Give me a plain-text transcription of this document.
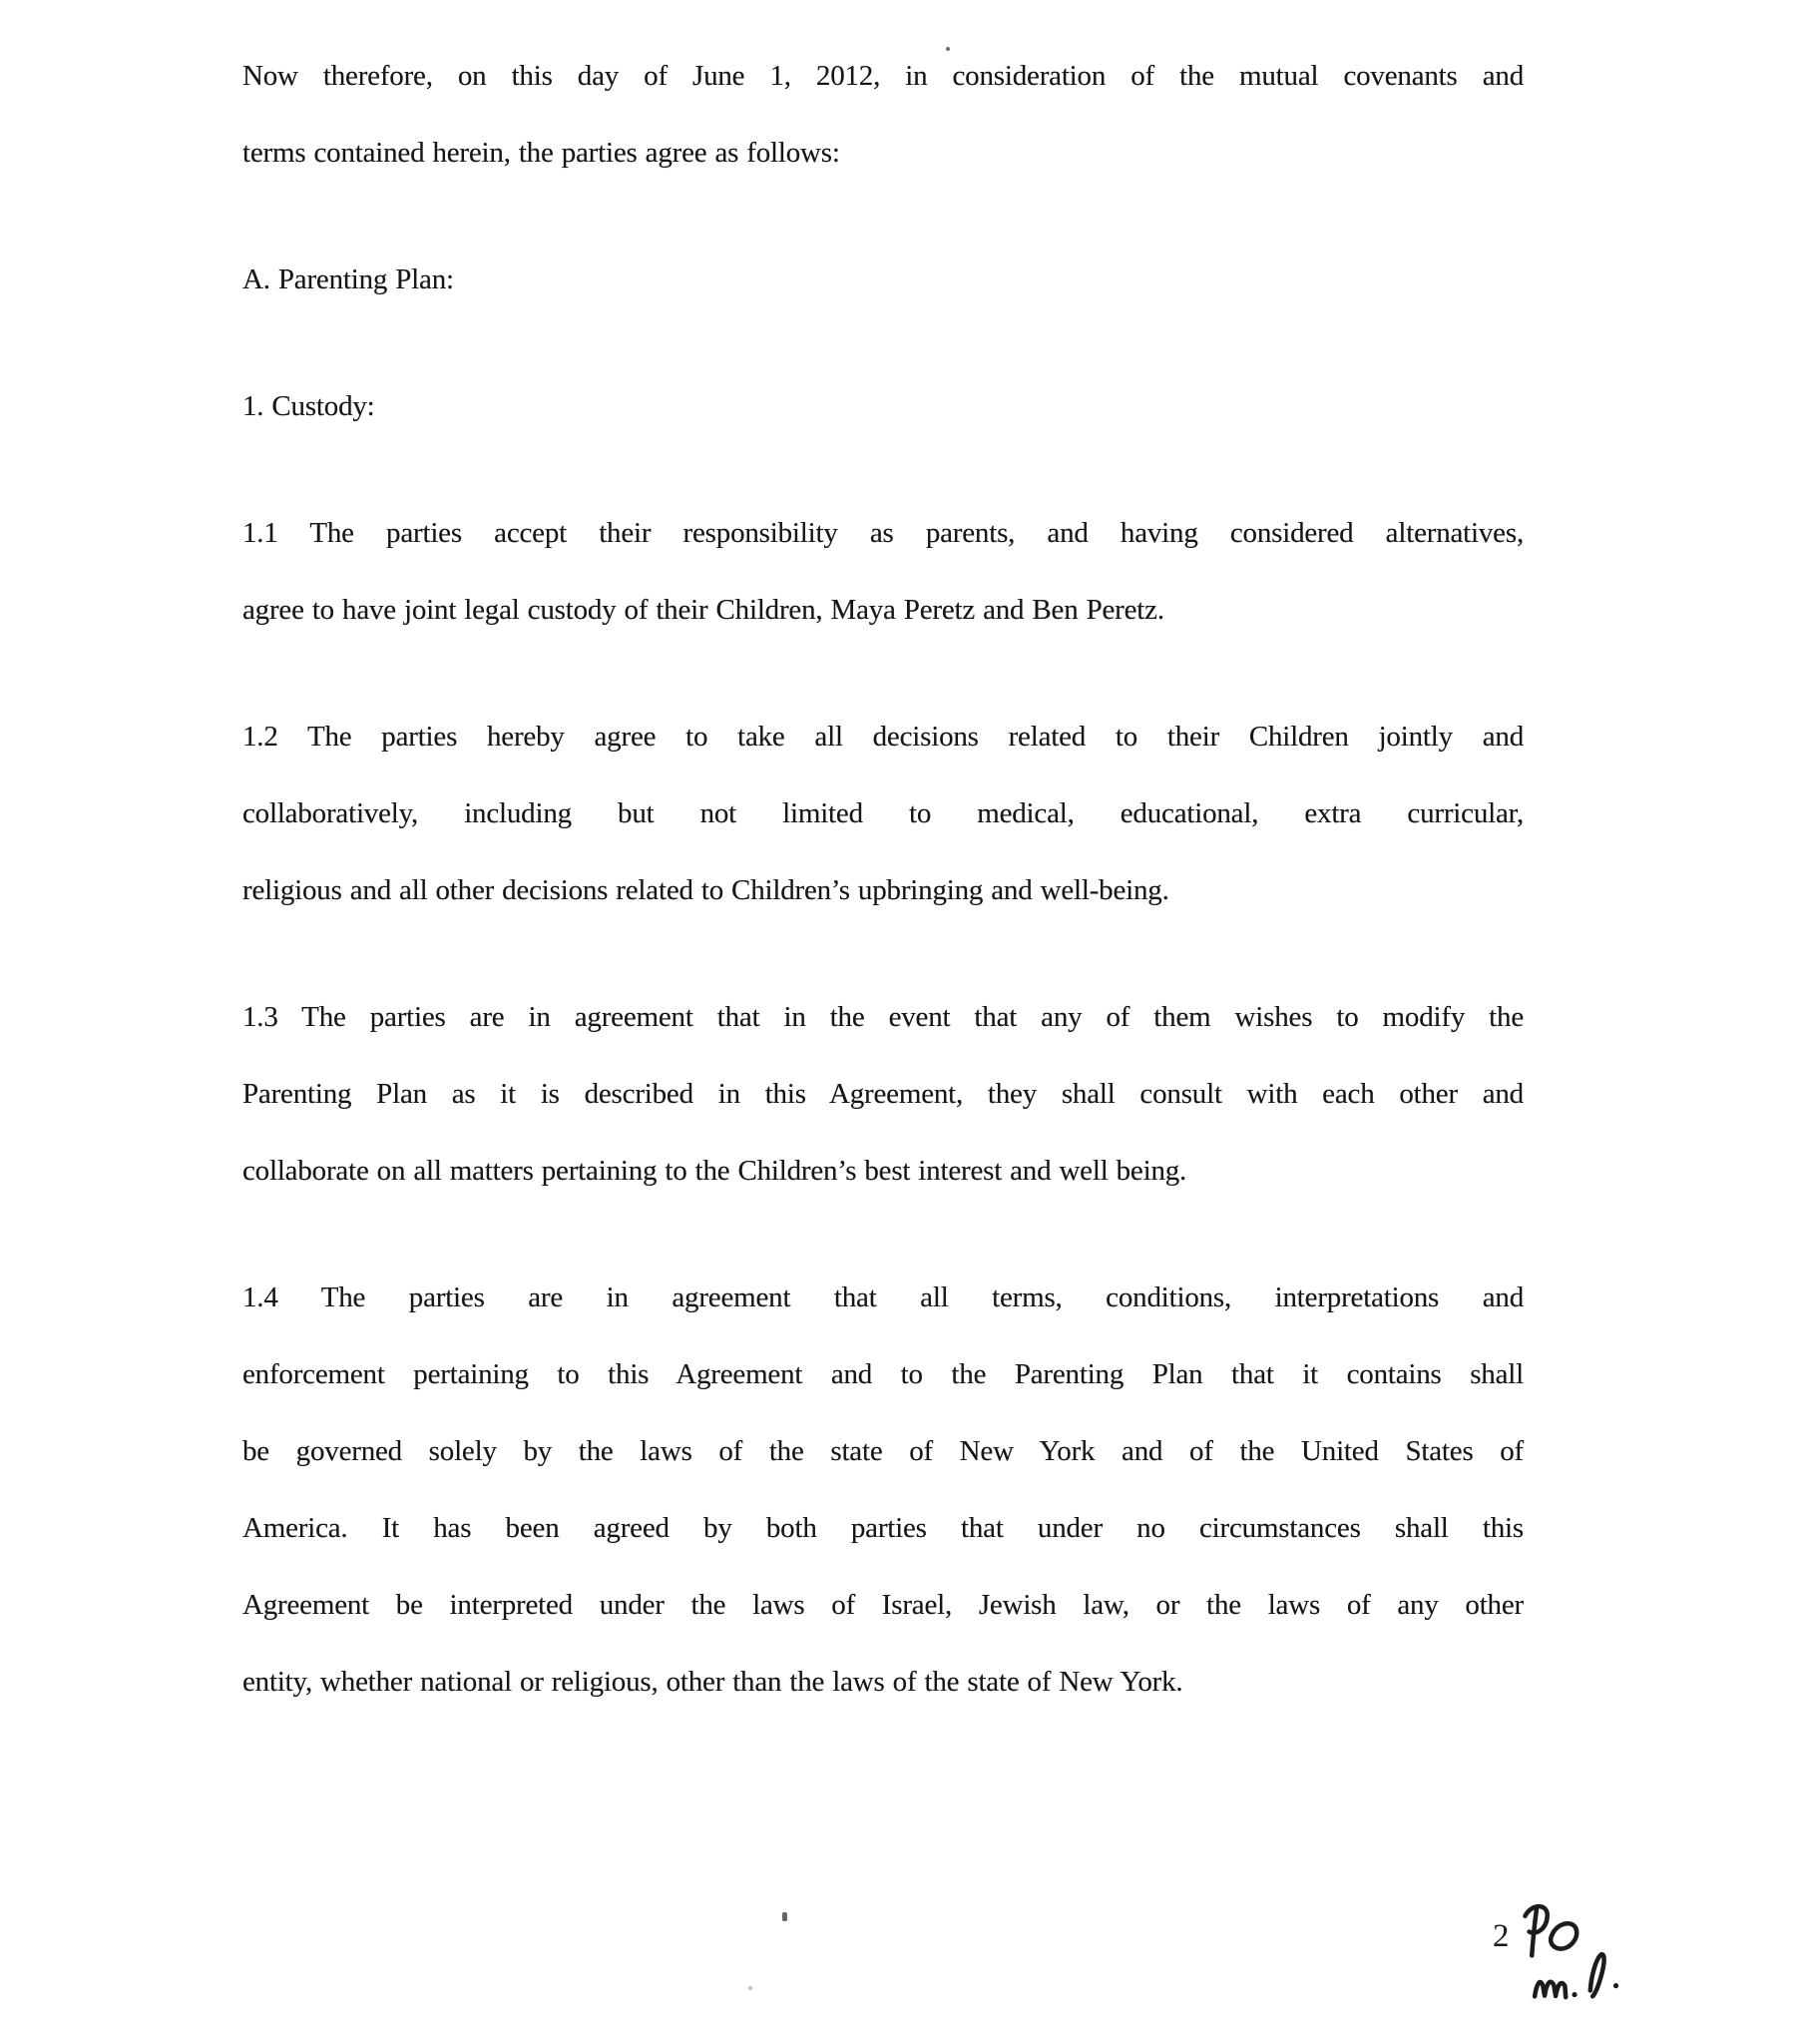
Now therefore, on this day of June 1, 2012, in consideration of the mutual covenants and
terms contained herein, the parties agree as follows:
A. Parenting Plan:
1. Custody:
1.1 The parties accept their responsibility as parents, and having considered alternatives,
agree to have joint legal custody of their Children, Maya Peretz and Ben Peretz.
1.2 The parties hereby agree to take all decisions related to their Children jointly and
collaboratively, including but not limited to medical, educational, extra curricular,
religious and all other decisions related to Children’s upbringing and well-being.
1.3 The parties are in agreement that in the event that any of them wishes to modify the
Parenting Plan as it is described in this Agreement, they shall consult with each other and
collaborate on all matters pertaining to the Children’s best interest and well being.
1.4 The parties are in agreement that all terms, conditions, interpretations and
enforcement pertaining to this Agreement and to the Parenting Plan that it contains shall
be governed solely by the laws of the state of New York and of the United States of
America. It has been agreed by both parties that under no circumstances shall this
Agreement be interpreted under the laws of Israel, Jewish law, or the laws of any other
entity, whether national or religious, other than the laws of the state of New York.
2
